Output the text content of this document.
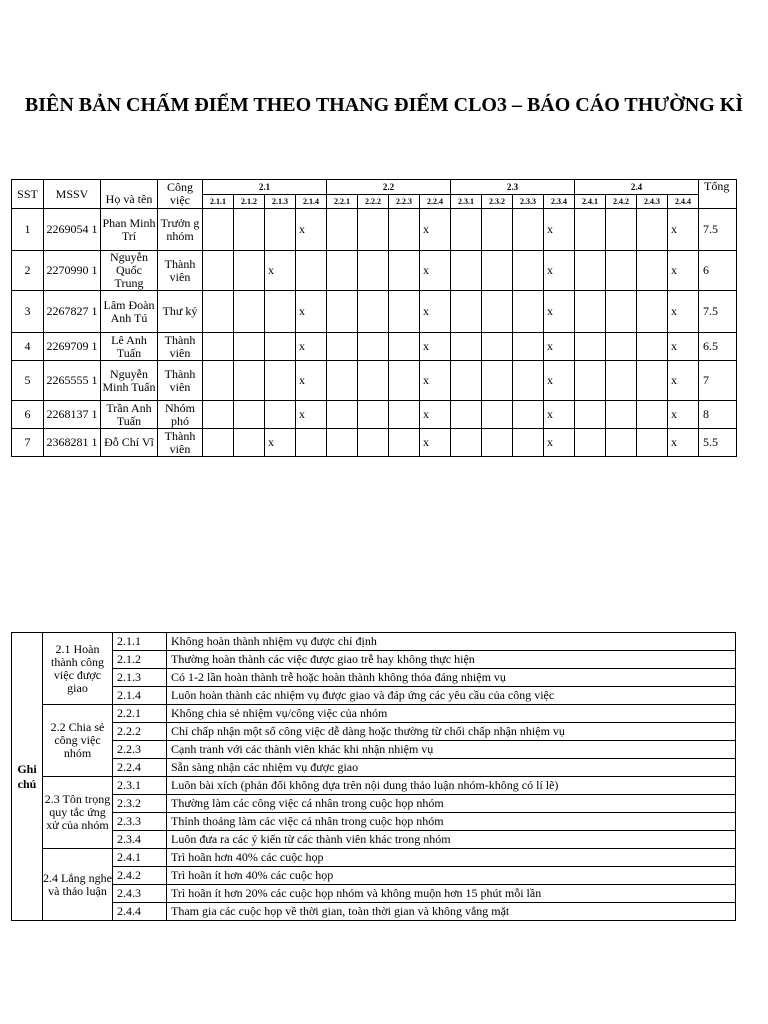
BIÊN BẢN CHẤM ĐIỂM THEO THANG ĐIỂM CLO3 – BÁO CÁO THƯỜNG KÌ
SST	MSSV	Họ và tên	Công việc	2.1				2.2				2.3				2.4				Tổng
				2.1.1	2.1.2	2.1.3	2.1.4	2.2.1	2.2.2	2.2.3	2.2.4	2.3.1	2.3.2	2.3.3	2.3.4	2.4.1	2.4.2	2.4.3	2.4.4	
1	2269054 1	Phan Minh Trí	Trưởn g nhóm				x				x				x				x	7.5
2	2270990 1	Nguyễn Quốc Trung	Thành viên			x					x				x				x	6
3	2267827 1	Lâm Đoàn Anh Tú	Thư ký				x				x				x				x	7.5
4	2269709 1	Lê Anh Tuấn	Thành viên				x				x				x				x	6.5
5	2265555 1	Nguyễn Minh Tuấn	Thành viên				x				x				x				x	7
6	2268137 1	Trần Anh Tuấn	Nhóm phó				x				x				x				x	8
7	2368281 1	Đỗ Chí Vĩ	Thành viên			x					x				x				x	5.5
Ghi chú	2.1 Hoàn thành công việc được giao	2.1.1	Không hoàn thành nhiệm vụ được chỉ định
		2.1.2	Thường hoàn thành các việc được giao trễ hay không thực hiện
		2.1.3	Có 1-2 lần hoàn thành trễ hoặc hoàn thành không thỏa đáng nhiệm vụ
		2.1.4	Luôn hoàn thành các nhiệm vụ được giao và đáp ứng các yêu cầu của công việc
	2.2 Chia sẻ công việc nhóm	2.2.1	Không chia sẻ nhiệm vụ/công việc của nhóm
		2.2.2	Chỉ chấp nhận một số công việc dễ dàng hoặc thường từ chối chấp nhận nhiệm vụ
		2.2.3	Cạnh tranh với các thành viên khác khi nhận nhiệm vụ
		2.2.4	Sẵn sàng nhận các nhiệm vụ được giao
	2.3 Tôn trọng quy tắc ứng xử của nhóm	2.3.1	Luôn bài xích (phản đối không dựa trên nội dung thảo luận nhóm-không có lí lẽ)
		2.3.2	Thường làm các công việc cá nhân trong cuộc họp nhóm
		2.3.3	Thỉnh thoảng làm các việc cá nhân trong cuộc họp nhóm
		2.3.4	Luôn đưa ra các ý kiến từ các thành viên khác trong nhóm
	2.4 Lắng nghe và thảo luận	2.4.1	Trì hoãn hơn 40% các cuộc họp
		2.4.2	Trì hoãn ít hơn 40% các cuộc họp
		2.4.3	Trì hoãn ít hơn 20% các cuộc họp nhóm và không muộn hơn 15 phút mỗi lần
		2.4.4	Tham gia các cuộc họp về thời gian, toàn thời gian và không vắng mặt
